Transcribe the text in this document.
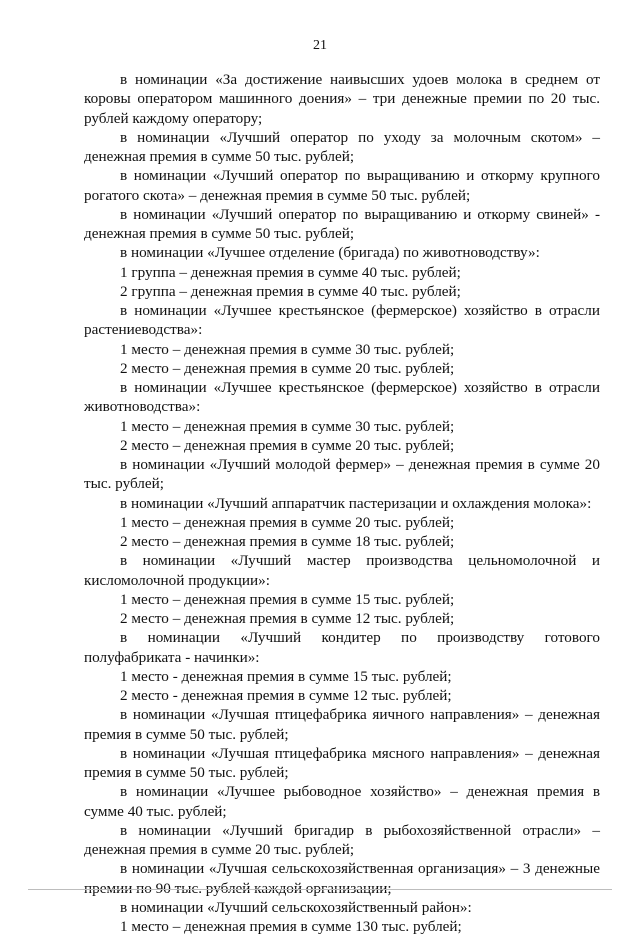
21

в номинации «За достижение наивысших удоев молока в среднем от коровы оператором машинного доения» – три денежные премии по 20 тыс. рублей каждому оператору;

в номинации «Лучший оператор по уходу за молочным скотом» – денежная премия в сумме 50 тыс. рублей;

в номинации «Лучший оператор по выращиванию и откорму крупного рогатого скота» – денежная премия в сумме 50 тыс. рублей;

в номинации «Лучший оператор по выращиванию и откорму свиней» - денежная премия в сумме 50 тыс. рублей;

в номинации «Лучшее отделение (бригада) по животноводству»:

1 группа – денежная премия в сумме 40 тыс. рублей;

2 группа – денежная премия в сумме 40 тыс. рублей;

в номинации «Лучшее крестьянское (фермерское) хозяйство в отрасли растениеводства»:

1 место – денежная премия в сумме 30 тыс. рублей;

2 место – денежная премия в сумме 20 тыс. рублей;

в номинации «Лучшее крестьянское (фермерское) хозяйство в отрасли животноводства»:

1 место – денежная премия в сумме 30 тыс. рублей;

2 место – денежная премия в сумме 20 тыс. рублей;

в номинации «Лучший молодой фермер» – денежная премия в сумме 20 тыс. рублей;

в номинации «Лучший аппаратчик пастеризации и охлаждения молока»:

1 место – денежная премия в сумме 20 тыс. рублей;

2 место – денежная премия в сумме 18 тыс. рублей;

в номинации «Лучший мастер производства цельномолочной и кисломолочной продукции»:

1 место – денежная премия в сумме 15 тыс. рублей;

2 место – денежная премия в сумме 12 тыс. рублей;

в номинации «Лучший кондитер по производству готового полуфабриката - начинки»:

1 место - денежная премия в сумме 15 тыс. рублей;

2 место - денежная премия в сумме 12 тыс. рублей;

в номинации «Лучшая птицефабрика яичного направления» – денежная премия в сумме 50 тыс. рублей;

в номинации «Лучшая птицефабрика мясного направления» – денежная премия в сумме 50 тыс. рублей;

в номинации «Лучшее рыбоводное хозяйство» – денежная премия в сумме 40 тыс. рублей;

в номинации «Лучший бригадир в рыбохозяйственной отрасли» – денежная премия в сумме 20 тыс. рублей;

в номинации «Лучшая сельскохозяйственная организация» – 3 денежные премии по 90 тыс. рублей каждой организации;

в номинации «Лучший сельскохозяйственный район»:

1 место – денежная премия в сумме 130 тыс. рублей;
